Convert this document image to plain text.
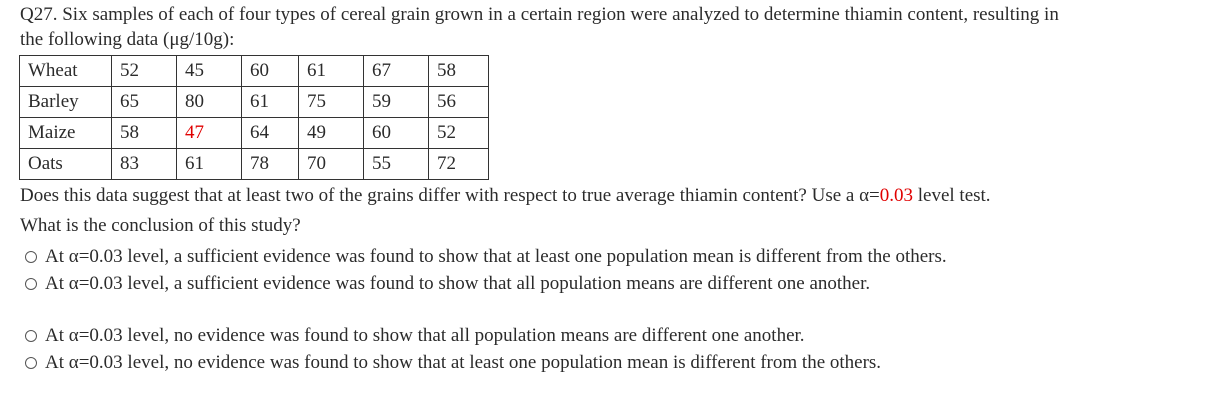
Q27. Six samples of each of four types of cereal grain grown in a certain region were analyzed to determine thiamin content, resulting in
the following data (μg/10g):
Wheat	52	45	60	61	67	58
Barley	65	80	61	75	59	56
Maize	58	47	64	49	60	52
Oats	83	61	78	70	55	72
Does this data suggest that at least two of the grains differ with respect to true average thiamin content? Use a α=0.03 level test.
What is the conclusion of this study?
At α=0.03 level, a sufficient evidence was found to show that at least one population mean is different from the others.
At α=0.03 level, a sufficient evidence was found to show that all population means are different one another.
At α=0.03 level, no evidence was found to show that all population means are different one another.
At α=0.03 level, no evidence was found to show that at least one population mean is different from the others.
